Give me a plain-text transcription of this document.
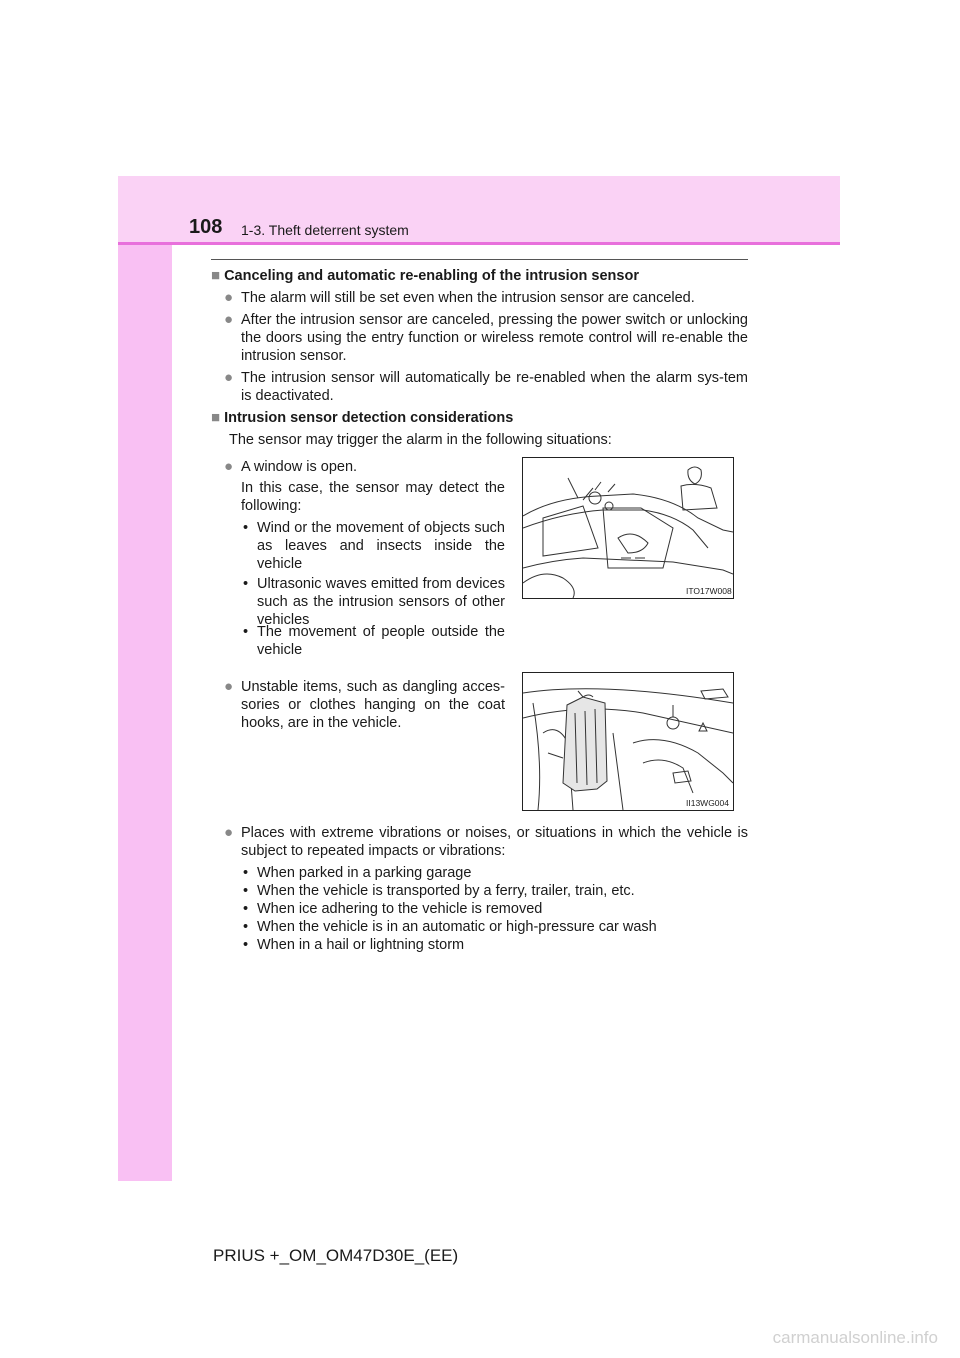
108 1-3. Theft deterrent system
■ Canceling and automatic re-enabling of the intrusion sensor
● The alarm will still be set even when the intrusion sensor are canceled.
● After the intrusion sensor are canceled, pressing the power switch or unlocking the doors using the entry function or wireless remote control will re-enable the intrusion sensor.
● The intrusion sensor will automatically be re-enabled when the alarm sys-tem is deactivated.
■ Intrusion sensor detection considerations
The sensor may trigger the alarm in the following situations:
● A window is open.
In this case, the sensor may detect the following:
• Wind or the movement of objects such as leaves and insects inside the vehicle
• Ultrasonic waves emitted from devices such as the intrusion sensors of other vehicles
• The movement of people outside the vehicle
ITO17W008
● Unstable items, such as dangling acces-sories or clothes hanging on the coat hooks, are in the vehicle.
II13WG004
● Places with extreme vibrations or noises, or situations in which the vehicle is subject to repeated impacts or vibrations:
• When parked in a parking garage
• When the vehicle is transported by a ferry, trailer, train, etc.
• When ice adhering to the vehicle is removed
• When the vehicle is in an automatic or high-pressure car wash
• When in a hail or lightning storm
PRIUS +_OM_OM47D30E_(EE)
carmanualsonline.info
